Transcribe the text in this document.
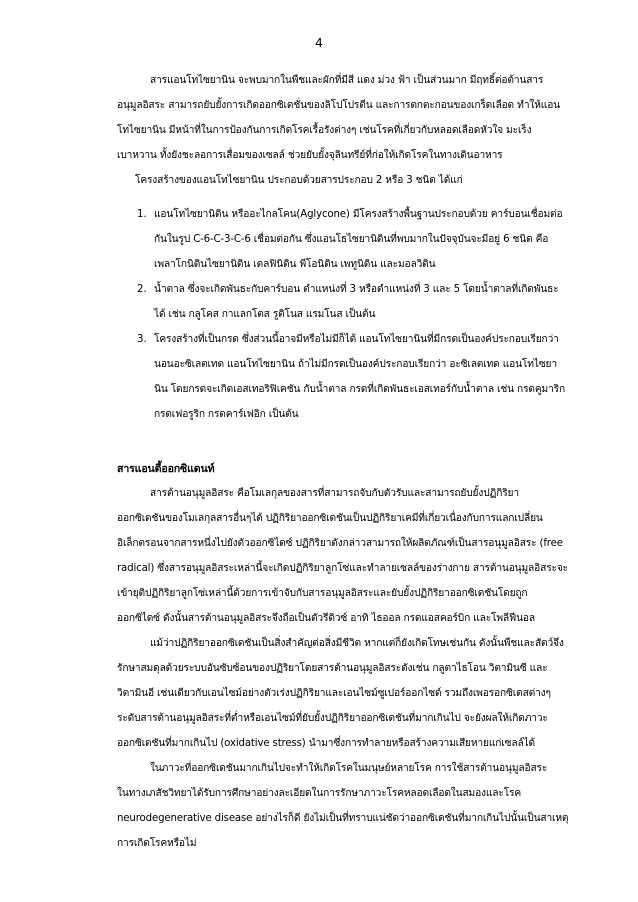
4
สารแอนโทไซยานิน จะพบมากในพืชและผักที่มีสี แดง ม่วง ฟ้า เป็นส่วนมาก มีฤทธิ์ต่อต้านสาร
อนุมูลอิสระ สามารถยับยั้งการเกิดออกซิเดชั่นของลิโปโปรตีน และการตกตะกอนของเกร็ดเลือด ทำให้แอน
โทไซยานิน มีหน้าที่ในการป้องกันการเกิดโรคเรื้อรังต่างๆ เช่นโรคที่เกี่ยวกับหลอดเลือดหัวใจ มะเร็ง
เบาหวาน ทั้งยังชะลอการเสื่อมของเซลล์ ช่วยยับยั้งจุลินทรีย์ที่ก่อให้เกิดโรคในทางเดินอาหาร
โครงสร้างของแอนโทไซยานิน ประกอบด้วยสารประกอบ 2 หรือ 3 ชนิด ได้แก่
1. แอนโทไซยานิดิน หรืออะไกลโคน(Aglycone) มีโครงสร้างพื้นฐานประกอบด้วย คาร์บอนเชื่อมต่อ
กันในรูป C-6-C-3-C-6 เชื่อมต่อกัน ซึ่งแอนโธไซยานิดินที่พบมากในปัจจุบันจะมีอยู่ 6 ชนิด คือ
เพลาโกนิดินไซยานิดิน เดลฟินิดิน พีโอนิดิน เพทูนิดิน และมอลวิดิน
2. น้ำตาล ซึ่งจะเกิดพันธะกับคาร์บอน ตำแหน่งที่ 3 หรือตำแหน่งที่ 3 และ 5 โดยน้ำตาลที่เกิดพันธะ
ได้ เช่น กลูโคส กาแลกโตส รูติโนส แรมโนส เป็นต้น
3. โครงสร้างที่เป็นกรด ซึ่งส่วนนี้อาจมีหรือไม่มีก็ได้ แอนโทไซยานินที่มีกรดเป็นองค์ประกอบเรียกว่า
นอนอะซิเลตเทด แอนโทไซยานิน ถ้าไม่มีกรดเป็นองค์ประกอบเรียกว่า อะซิเลตเทด แอนโทไซยา
นิน โดยกรดจะเกิดเอสเทอริฟิเคชัน กับน้ำตาล กรดที่เกิดพันธะเอสเทอร์กับน้ำตาล เช่น กรดคูมาริก
กรดเฟอรูริก กรดคาร์เฟอิก เป็นต้น
สารแอนตี้ออกซิแดนท์
สารต้านอนุมูลอิสระ คือโมเลกุลของสารที่สามารถจับกับตัวรับและสามารถยับยั้งปฏิกิริยา
ออกซิเดชันของโมเลกุลสารอื่นๆได้ ปฏิกิริยาออกซิเดชันเป็นปฏิกิริยาเคมีที่เกี่ยวเนื่องกับการแลกเปลี่ยน
อิเล็กตรอนจากสารหนึ่งไปยังตัวออกซิไดซ์ ปฏิกิริยาดังกล่าวสามารถให้ผลิตภัณฑ์เป็นสารอนุมูลอิสระ (free
radical) ซึ่งสารอนุมูลอิสระเหล่านี้จะเกิดปฏิกิริยาลูกโซ่และทำลายเซลล์ของร่างกาย สารต้านอนุมูลอิสระจะ
เข้ายุติปฏิกิริยาลูกโซ่เหล่านี้ด้วยการเข้าจับกับสารอนุมูลอิสระและยับยั้งปฏิกิริยาออกซิเดชันโดยถูก
ออกซิไดซ์ ดังนั้นสารต้านอนุมูลอิสระจึงถือเป็นตัวรีดิวซ์ อาทิ ไธออล กรดแอสคอร์บิก และโพลีฟีนอล
แม้ว่าปฏิกิริยาออกซิเดชันเป็นสิ่งสำคัญต่อสิ่งมีชีวิต หากแต่ก็ยังเกิดโทษเช่นกัน ดังนั้นพืชและสัตว์จึง
รักษาสมดุลด้วยระบบอันซับซ้อนของปฏิริยาโดยสารต้านอนุมูลอิสระดังเช่น กลูตาไธโอน วิตามินซี และ
วิตามินอี เช่นเดียวกับเอนไซม์อย่างตัวเร่งปฏิกิริยาและเอนไซม์ซูเปอร์ออกไซด์ รวมถึงเพอรอกซิเดสต่างๆ
ระดับสารต้านอนุมูลอิสระที่ต่ำหรือเอนไซม์ที่ยับยั้งปฏิกิริยาออกซิเดชันที่มากเกินไป จะยังผลให้เกิดภาวะ
ออกซิเดชันที่มากเกินไป (oxidative stress) นำมาซึ่งการทำลายหรือสร้างความเสียหายแก่เซลล์ได้
ในภาวะที่ออกซิเดชันมากเกินไปจะทำให้เกิดโรคในมนุษย์หลายโรค การใช้สารต้านอนุมูลอิสระ
ในทางเภสัชวิทยาได้รับการศึกษาอย่างละเอียดในการรักษาภาวะโรคหลอดเลือดในสมองและโรค
neurodegenerative disease อย่างไรก็ดี ยังไม่เป็นที่ทราบแน่ชัดว่าออกซิเดชันที่มากเกินไปนั้นเป็นสาเหตุ
การเกิดโรคหรือไม่
